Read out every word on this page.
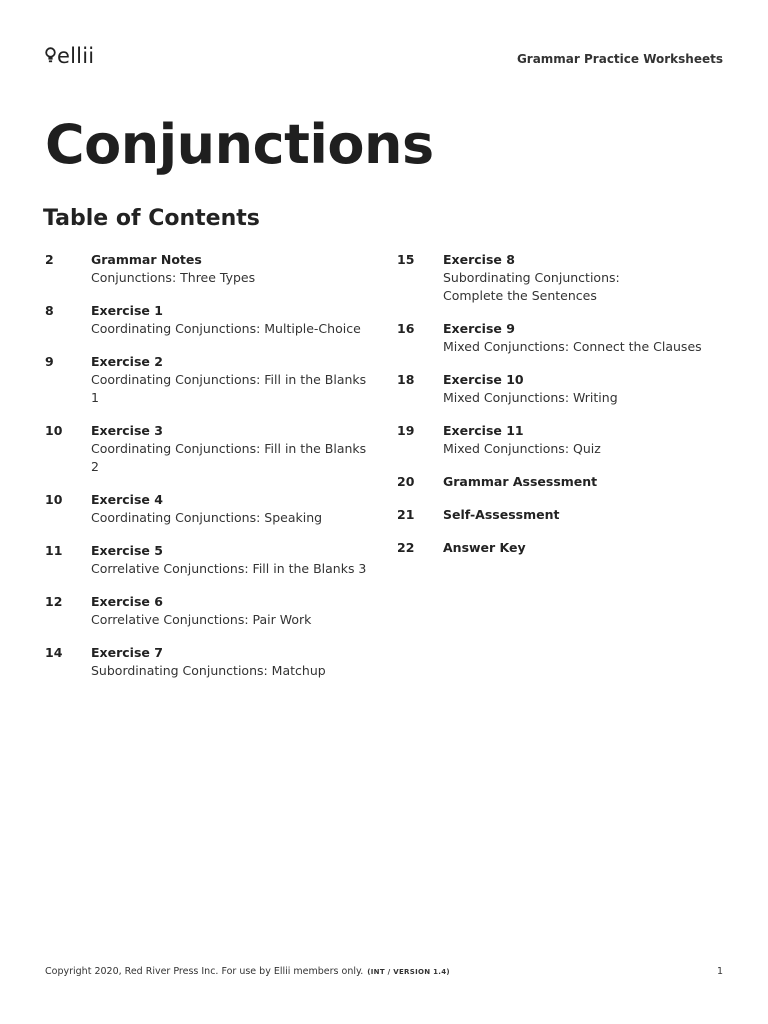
ellii	Grammar Practice Worksheets
Conjunctions
Table of Contents
2	Grammar Notes
Conjunctions: Three Types
8	Exercise 1
Coordinating Conjunctions: Multiple-Choice
9	Exercise 2
Coordinating Conjunctions: Fill in the Blanks 1
10	Exercise 3
Coordinating Conjunctions: Fill in the Blanks 2
10	Exercise 4
Coordinating Conjunctions: Speaking
11	Exercise 5
Correlative Conjunctions: Fill in the Blanks 3
12	Exercise 6
Correlative Conjunctions: Pair Work
14	Exercise 7
Subordinating Conjunctions: Matchup
15	Exercise 8
Subordinating Conjunctions:
Complete the Sentences
16	Exercise 9
Mixed Conjunctions: Connect the Clauses
18	Exercise 10
Mixed Conjunctions: Writing
19	Exercise 11
Mixed Conjunctions: Quiz
20	Grammar Assessment
21	Self-Assessment
22	Answer Key
Copyright 2020, Red River Press Inc. For use by Ellii members only. (INT / VERSION 1.4)	1
